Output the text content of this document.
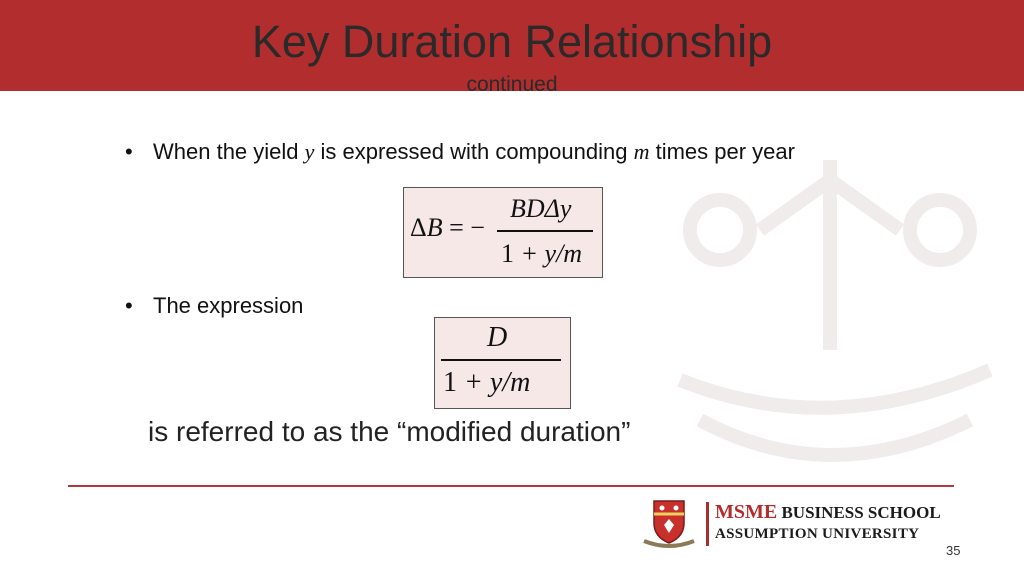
Key Duration Relationship
continued
• When the yield y is expressed with compounding m times per year
ΔB = −
BDΔy
1 + y/m
• The expression
D
1 + y/m
is referred to as the “modified duration”
MSME BUSINESS SCHOOL
ASSUMPTION UNIVERSITY
35
